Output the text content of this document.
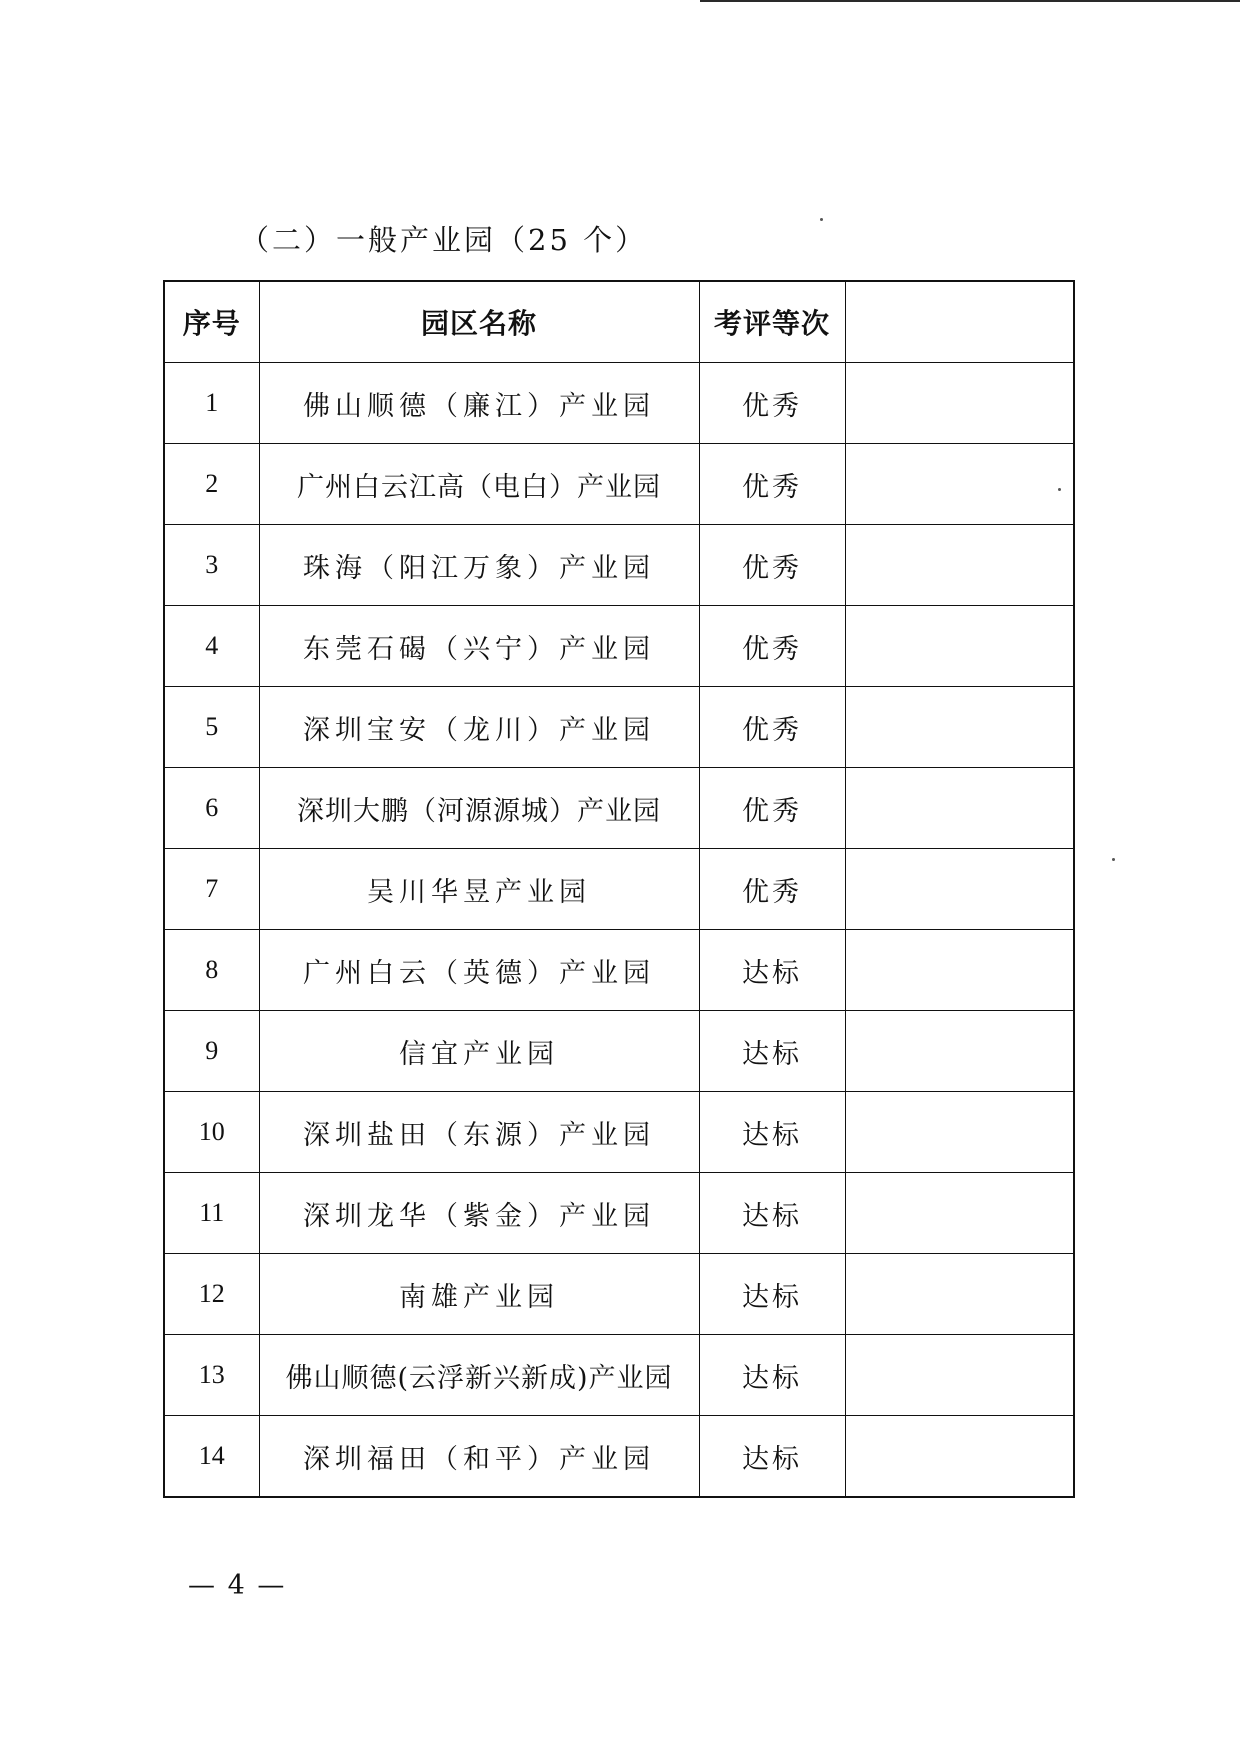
（二）一般产业园（25 个）
序号	园区名称	考评等次	
1	佛山顺德（廉江）产业园	优秀	
2	广州白云江高（电白）产业园	优秀	
3	珠海（阳江万象）产业园	优秀	
4	东莞石碣（兴宁）产业园	优秀	
5	深圳宝安（龙川）产业园	优秀	
6	深圳大鹏（河源源城）产业园	优秀	
7	吴川华昱产业园	优秀	
8	广州白云（英德）产业园	达标	
9	信宜产业园	达标	
10	深圳盐田（东源）产业园	达标	
11	深圳龙华（紫金）产业园	达标	
12	南雄产业园	达标	
13	佛山顺德(云浮新兴新成)产业园	达标	
14	深圳福田（和平）产业园	达标	
— 4 —
